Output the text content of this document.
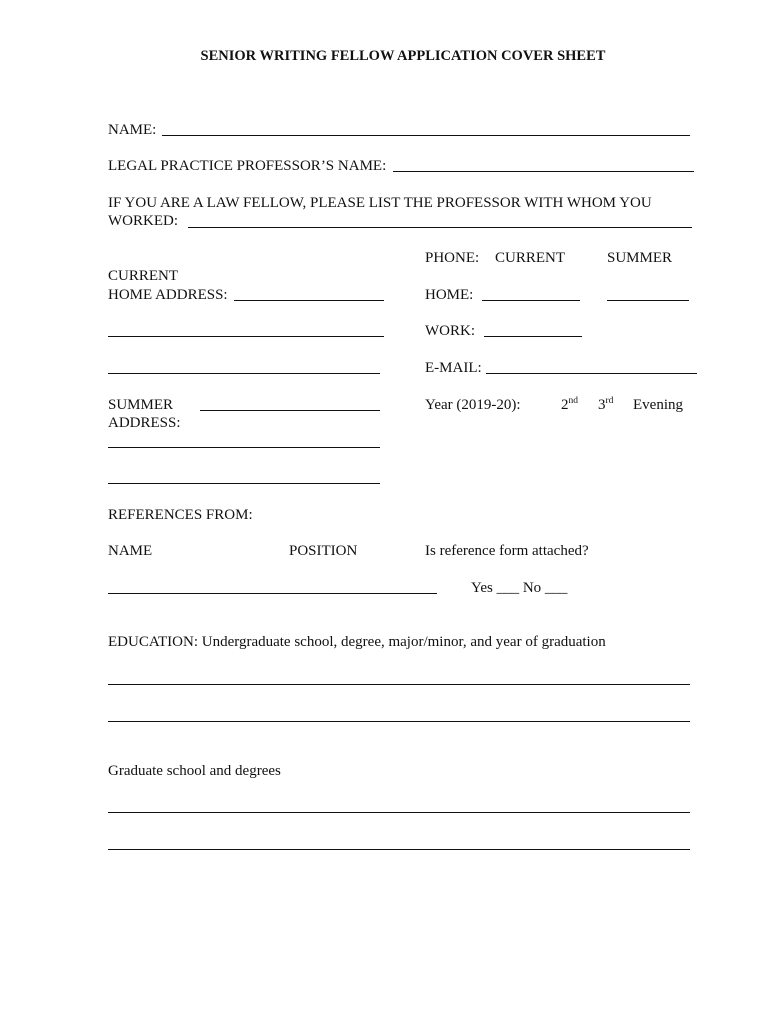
SENIOR WRITING FELLOW APPLICATION COVER SHEET
NAME:
LEGAL PRACTICE PROFESSOR’S NAME:
IF YOU ARE A LAW FELLOW, PLEASE LIST THE PROFESSOR WITH WHOM YOU
WORKED:
PHONE: CURRENT	SUMMER
CURRENT
HOME ADDRESS:	HOME:
WORK:
E-MAIL:
SUMMER
ADDRESS:
Year (2019-20):	2nd 3rd Evening
REFERENCES FROM:
NAME	POSITION	Is reference form attached?
Yes ___ No ___
EDUCATION: Undergraduate school, degree, major/minor, and year of graduation
Graduate school and degrees
